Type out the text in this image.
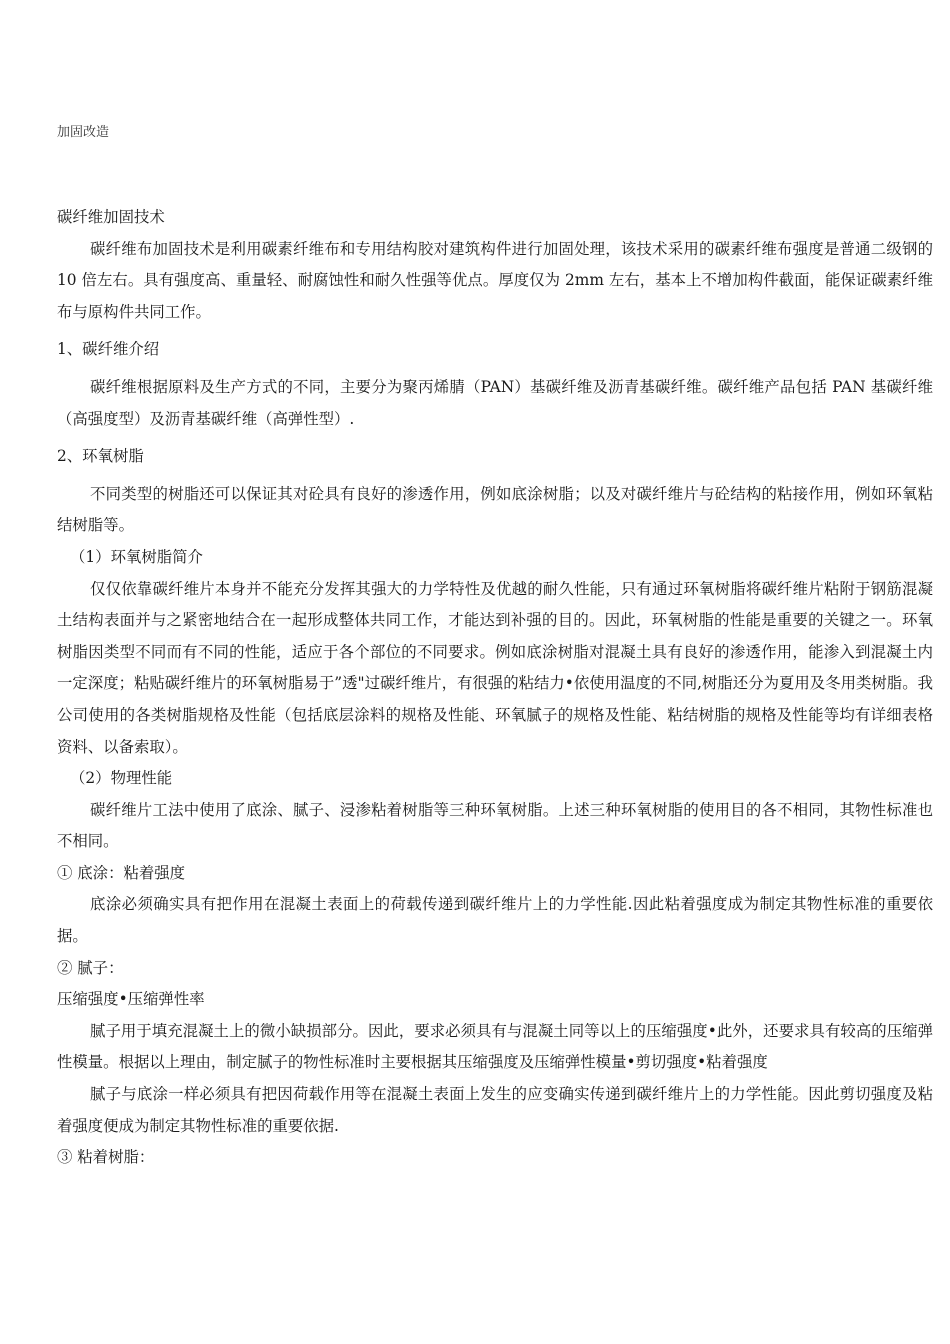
加固改造

碳纤维加固技术

碳纤维布加固技术是利用碳素纤维布和专用结构胶对建筑构件进行加固处理，该技术采用的碳素纤维布强度是普通二级钢的 10 倍左右。具有强度高、重量轻、耐腐蚀性和耐久性强等优点。厚度仅为 2mm 左右，基本上不增加构件截面，能保证碳素纤维布与原构件共同工作。

1、碳纤维介绍

碳纤维根据原料及生产方式的不同，主要分为聚丙烯腈（PAN）基碳纤维及沥青基碳纤维。碳纤维产品包括 PAN 基碳纤维（高强度型）及沥青基碳纤维（高弹性型）.

2、环氧树脂

不同类型的树脂还可以保证其对砼具有良好的渗透作用，例如底涂树脂；以及对碳纤维片与砼结构的粘接作用，例如环氧粘结树脂等。

（1）环氧树脂简介

仅仅依靠碳纤维片本身并不能充分发挥其强大的力学特性及优越的耐久性能，只有通过环氧树脂将碳纤维片粘附于钢筋混凝土结构表面并与之紧密地结合在一起形成整体共同工作，才能达到补强的目的。因此，环氧树脂的性能是重要的关键之一。环氧树脂因类型不同而有不同的性能，适应于各个部位的不同要求。例如底涂树脂对混凝土具有良好的渗透作用，能渗入到混凝土内一定深度；粘贴碳纤维片的环氧树脂易于”透"过碳纤维片，有很强的粘结力•依使用温度的不同,树脂还分为夏用及冬用类树脂。我公司使用的各类树脂规格及性能（包括底层涂料的规格及性能、环氧腻子的规格及性能、粘结树脂的规格及性能等均有详细表格资料、以备索取）。

（2）物理性能

碳纤维片工法中使用了底涂、腻子、浸渗粘着树脂等三种环氧树脂。上述三种环氧树脂的使用目的各不相同，其物性标准也不相同。

① 底涂：粘着强度

底涂必须确实具有把作用在混凝土表面上的荷载传递到碳纤维片上的力学性能.因此粘着强度成为制定其物性标准的重要依据。

② 腻子：

压缩强度•压缩弹性率

腻子用于填充混凝土上的微小缺损部分。因此，要求必须具有与混凝土同等以上的压缩强度•此外，还要求具有较高的压缩弹性模量。根据以上理由，制定腻子的物性标准时主要根据其压缩强度及压缩弹性模量•剪切强度•粘着强度

腻子与底涂一样必须具有把因荷载作用等在混凝土表面上发生的应变确实传递到碳纤维片上的力学性能。因此剪切强度及粘着强度便成为制定其物性标准的重要依据.

③ 粘着树脂：
